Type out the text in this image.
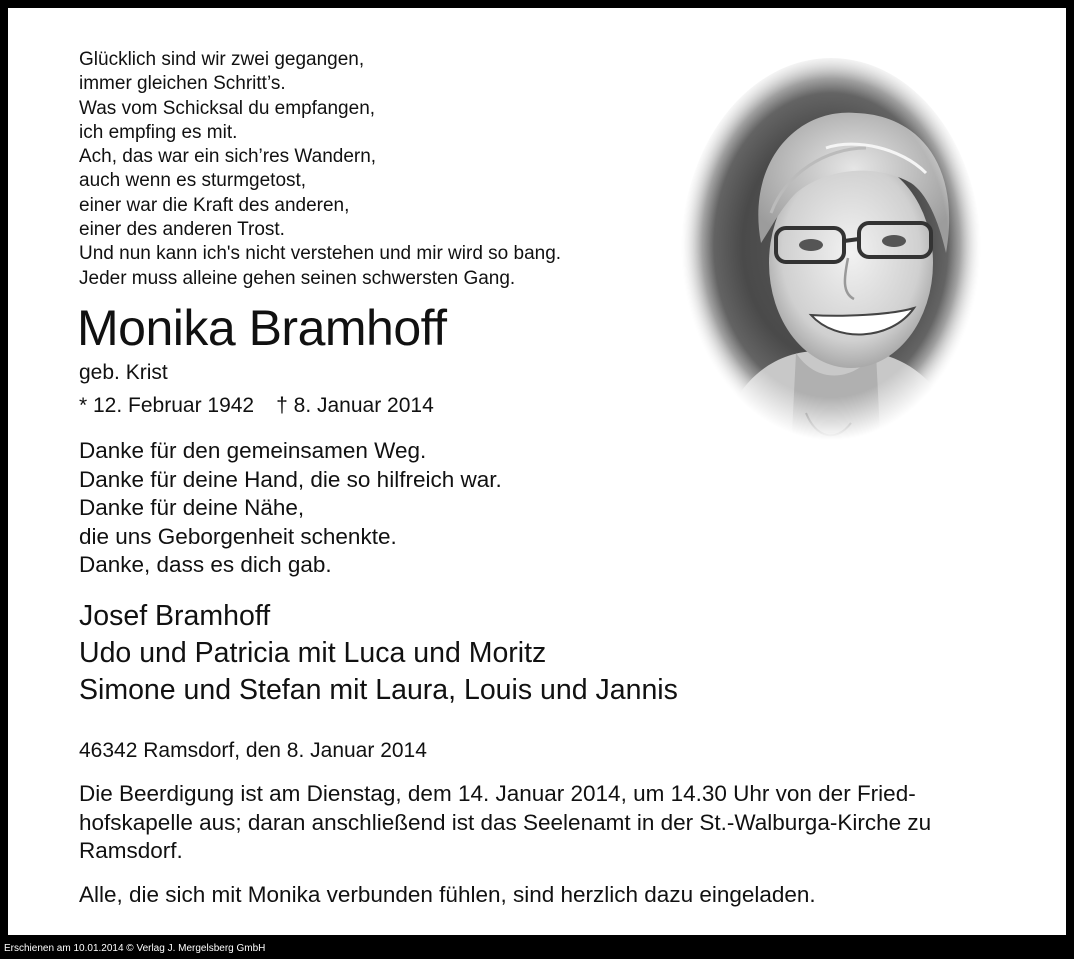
Glücklich sind wir zwei gegangen,
immer gleichen Schritt’s.
Was vom Schicksal du empfangen,
ich empfing es mit.
Ach, das war ein sich’res Wandern,
auch wenn es sturmgetost,
einer war die Kraft des anderen,
einer des anderen Trost.
Und nun kann ich's nicht verstehen und mir wird so bang.
Jeder muss alleine gehen seinen schwersten Gang.
Monika Bramhoff
geb. Krist
* 12. Februar 1942 † 8. Januar 2014
Danke für den gemeinsamen Weg.
Danke für deine Hand, die so hilfreich war.
Danke für deine Nähe,
die uns Geborgenheit schenkte.
Danke, dass es dich gab.
Josef Bramhoff
Udo und Patricia mit Luca und Moritz
Simone und Stefan mit Laura, Louis und Jannis
46342 Ramsdorf, den 8. Januar 2014
Die Beerdigung ist am Dienstag, dem 14. Januar 2014, um 14.30 Uhr von der Fried-
hofskapelle aus; daran anschließend ist das Seelenamt in der St.-Walburga-Kirche zu
Ramsdorf.
Alle, die sich mit Monika verbunden fühlen, sind herzlich dazu eingeladen.
Erschienen am 10.01.2014 © Verlag J. Mergelsberg GmbH
